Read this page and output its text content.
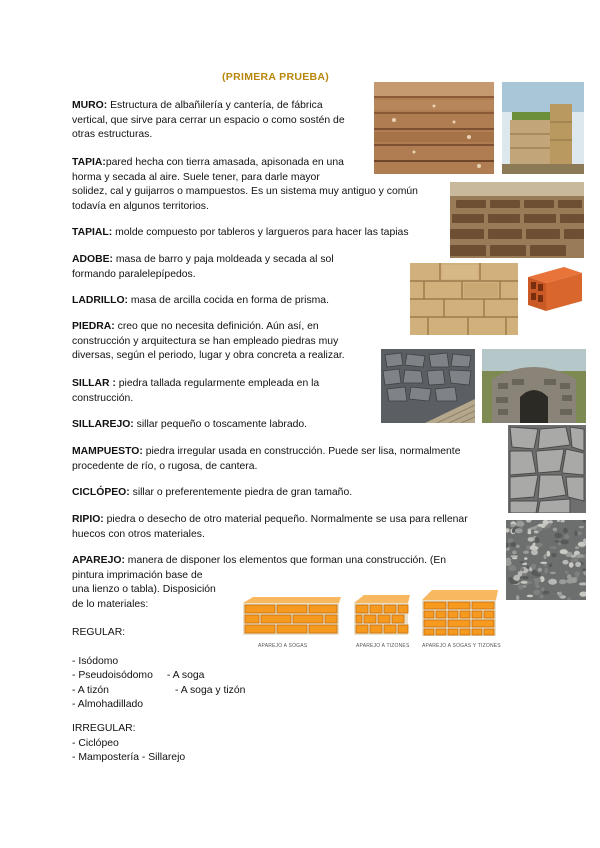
(PRIMERA PRUEBA)
MURO: Estructura de albañilería y cantería, de fábrica
vertical, que sirve para cerrar un espacio o como sostén de
otras estructuras.
TAPIA:pared hecha con tierra amasada, apisonada en una
horma y secada al aire. Suele tener, para darle mayor
solidez, cal y guijarros o mampuestos. Es un sistema muy antiguo y común
todavía en algunos territorios.
TAPIAL: molde compuesto por tableros y largueros para hacer las tapias
ADOBE: masa de barro y paja moldeada y secada al sol
formando paralelepípedos.
LADRILLO: masa de arcilla cocida en forma de prisma.
PIEDRA: creo que no necesita definición. Aún así, en
construcción y arquitectura se han empleado piedras muy
diversas, según el periodo, lugar y obra concreta a realizar.
SILLAR : piedra tallada regularmente empleada en la
construcción.
SILLAREJO: sillar pequeño o toscamente labrado.
MAMPUESTO: piedra irregular usada en construcción. Puede ser lisa, normalmente
procedente de río, o rugosa, de cantera.
CICLÓPEO: sillar o preferentemente piedra de gran tamaño.
RIPIO: piedra o desecho de otro material pequeño. Normalmente se usa para rellenar
huecos con otros materiales.
APAREJO: manera de disponer los elementos que forman una construcción. (En
pintura imprimación base de
una lienzo o tabla). Disposición
de lo materiales:
REGULAR:
- Isódomo
- Pseudoisódomo - A soga
- A tizón	- A soga y tizón
- Almohadillado
IRREGULAR:
- Ciclópeo
- Mampostería - Sillarejo
APAREJO A SOGAS	APAREJO A TIZONES APAREJO A SOGAS Y TIZONES
